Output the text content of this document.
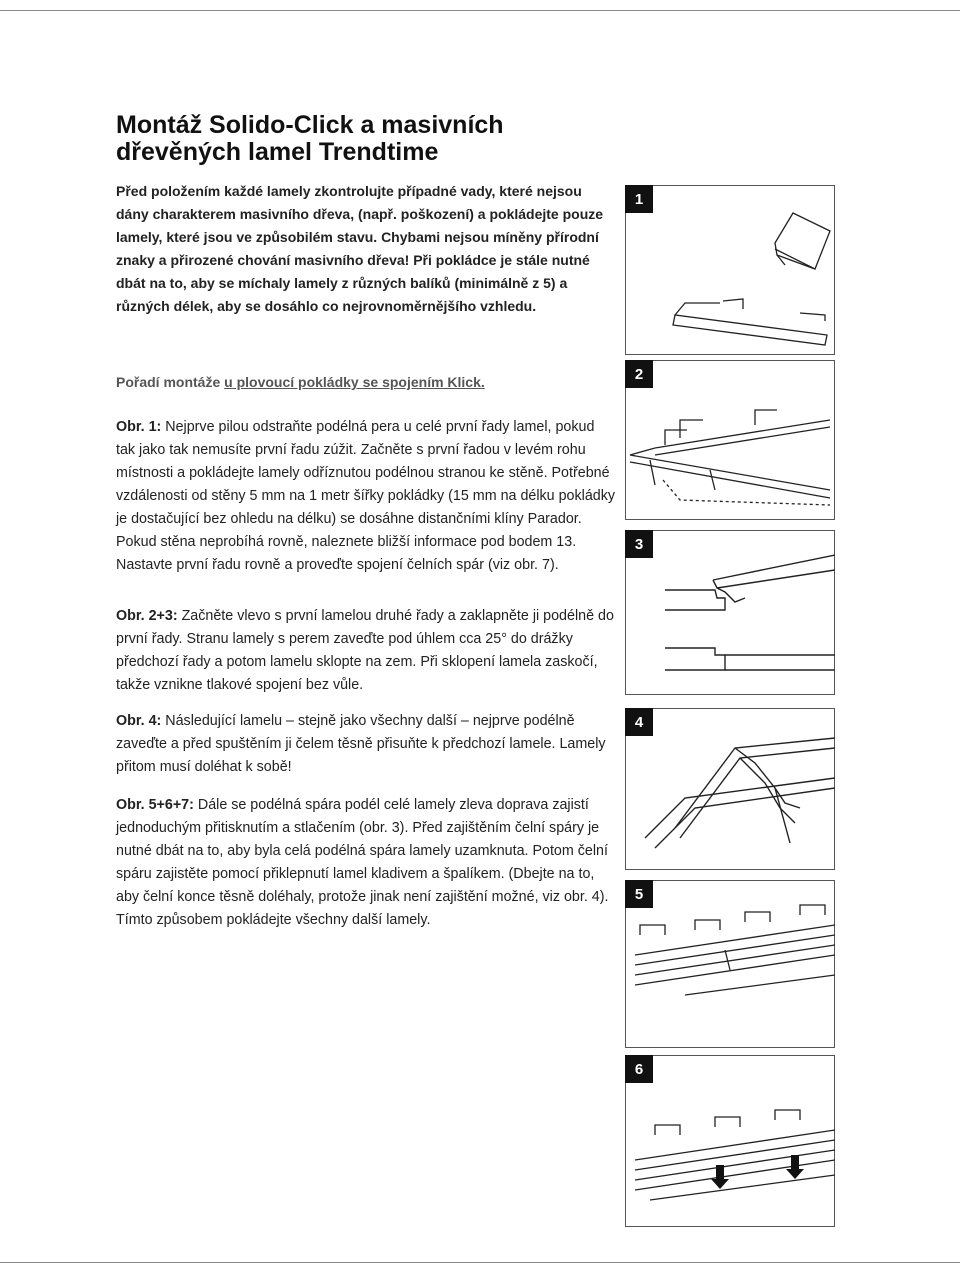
Montáž Solido-Click a masivních
dřevěných lamel Trendtime
Před položením každé lamely zkontrolujte případné vady, které nejsou dány charakterem masivního dřeva, (např. poškození) a pokládejte pouze lamely, které jsou ve způsobilém stavu. Chybami nejsou míněny přírodní znaky a přirozené chování masivního dřeva! Při pokládce je stále nutné dbát na to, aby se míchaly lamely z různých balíků (minimálně z 5) a různých délek, aby se dosáhlo co nejrovnoměrnějšího vzhledu.
Pořadí montáže u plovoucí pokládky se spojením Klick.
Obr. 1: Nejprve pilou odstraňte podélná pera u celé první řady lamel, pokud tak jako tak nemusíte první řadu zúžit. Začněte s první řadou v levém rohu místnosti a pokládejte lamely odříznutou podélnou stranou ke stěně. Potřebné vzdálenosti od stěny 5 mm na 1 metr šířky pokládky (15 mm na délku pokládky je dostačující bez ohledu na délku) se dosáhne distančními klíny Parador. Pokud stěna neprobíhá rovně, naleznete bližší informace pod bodem 13. Nastavte první řadu rovně a proveďte spojení čelních spár (viz obr. 7).
Obr. 2+3: Začněte vlevo s první lamelou druhé řady a zaklapněte ji podélně do první řady. Stranu lamely s perem zaveďte pod úhlem cca 25° do drážky předchozí řady a potom lamelu sklopte na zem. Při sklopení lamela zaskočí, takže vznikne tlakové spojení bez vůle.
Obr. 4: Následující lamelu – stejně jako všechny další – nejprve podélně zaveďte a před spuštěním ji čelem těsně přisuňte k předchozí lamele. Lamely přitom musí doléhat k sobě!
Obr. 5+6+7: Dále se podélná spára podél celé lamely zleva doprava zajistí jednoduchým přitisknutím a stlačením (obr. 3). Před zajištěním čelní spáry je nutné dbát na to, aby byla celá podélná spára lamely uzamknuta. Potom čelní spáru zajistěte pomocí přiklepnutí lamel kladivem a špalíkem. (Dbejte na to, aby čelní konce těsně doléhaly, protože jinak není zajištění možné, viz obr. 4). Tímto způsobem pokládejte všechny další lamely.
1
2
3
4
5
6
